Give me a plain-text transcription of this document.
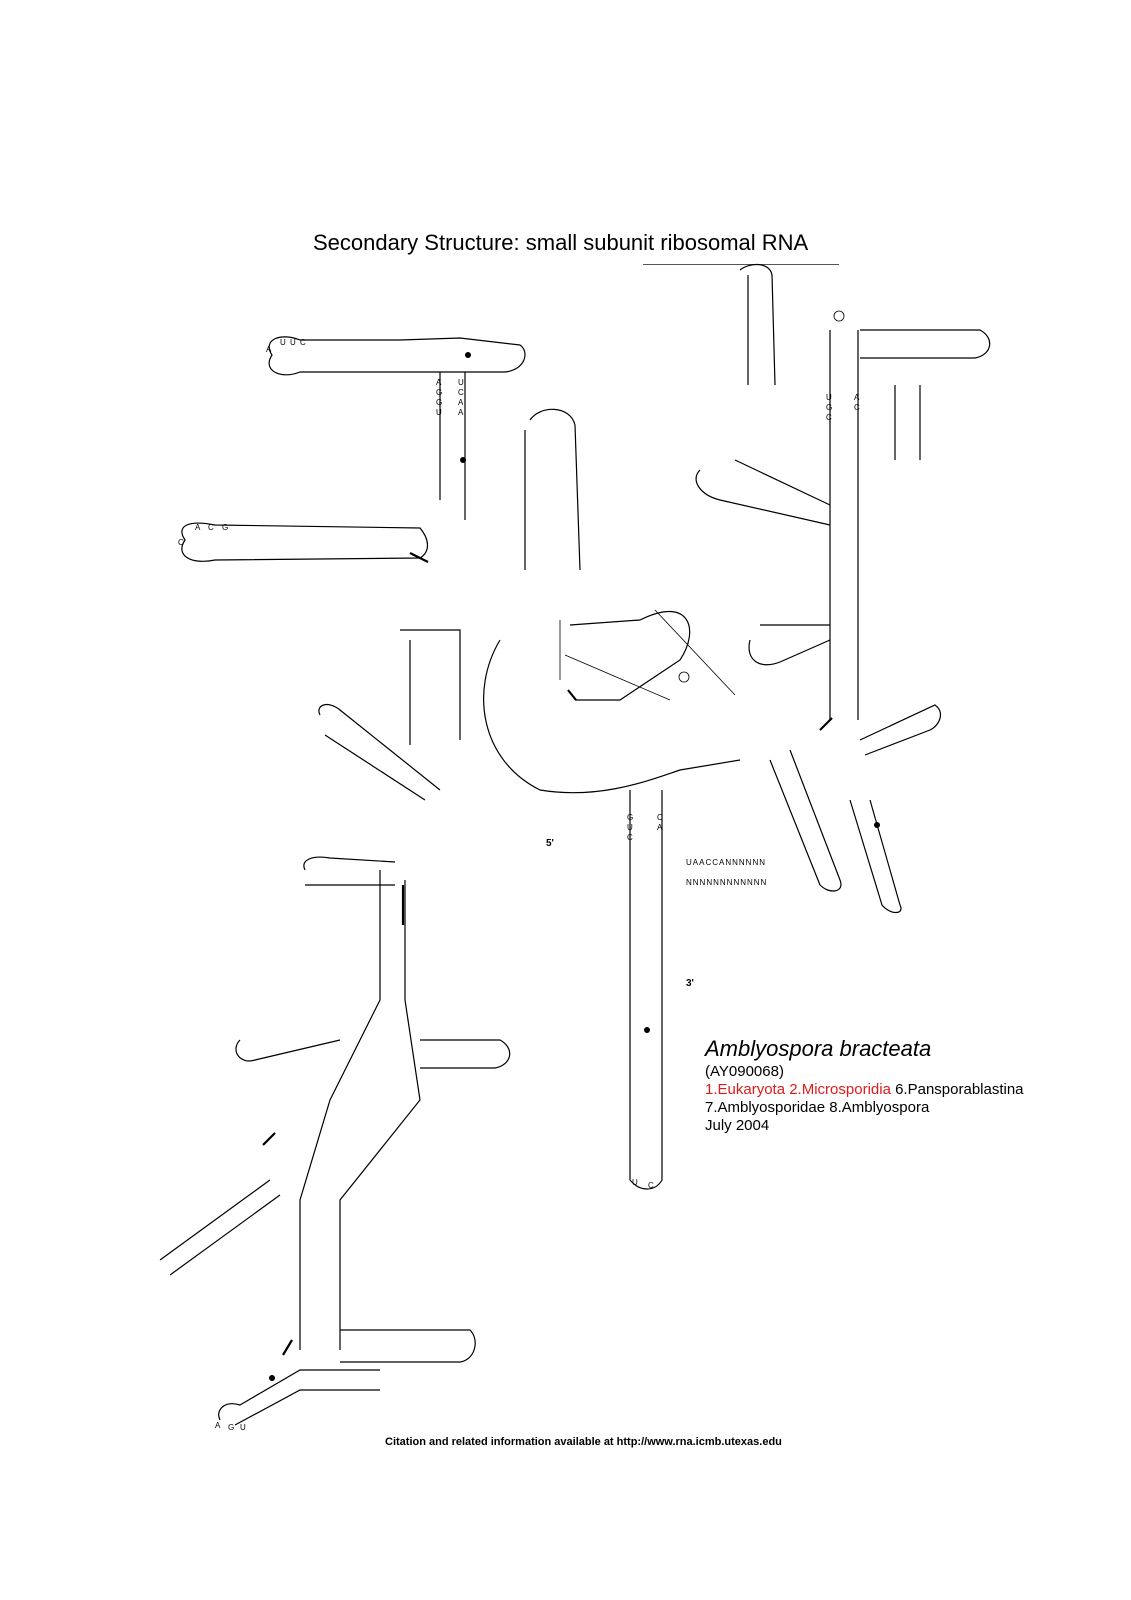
Secondary Structure: small subunit ribosomal RNA
A
G
G
U
U
C
A
A
U
G
C
A
C
G
U
C
C
A
A
U U C
C
A C G
U C
A G U
5'
3'
UAACCANNNNNN
NNNNNNNNNNNN
Amblyospora bracteata
(AY090068)
1.Eukaryota 2.Microsporidia 6.Pansporablastina
7.Amblyosporidae 8.Amblyospora
July 2004
Citation and related information available at http://www.rna.icmb.utexas.edu
